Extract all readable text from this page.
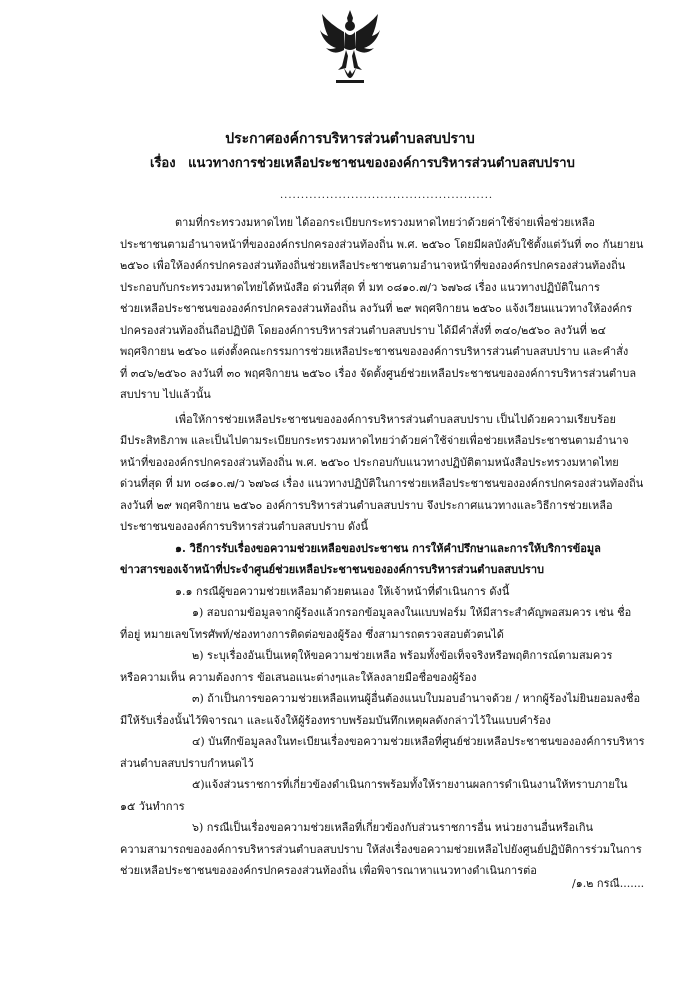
ประกาศองค์การบริหารส่วนตำบลสบปราบ
เรื่อง แนวทางการช่วยเหลือประชาชนขององค์การบริหารส่วนตำบลสบปราบ
...................................................

ตามที่กระทรวงมหาดไทย ได้ออกระเบียบกระทรวงมหาดไทยว่าด้วยค่าใช้จ่ายเพื่อช่วยเหลือ

ประชาชนตามอำนาจหน้าที่ขององค์กรปกครองส่วนท้องถิ่น พ.ศ. ๒๕๖๐ โดยมีผลบังคับใช้ตั้งแต่วันที่ ๓๐ กันยายน

๒๕๖๐ เพื่อให้องค์กรปกครองส่วนท้องถิ่นช่วยเหลือประชาชนตามอำนาจหน้าที่ขององค์กรปกครองส่วนท้องถิ่น

ประกอบกับกระทรวงมหาดไทยได้หนังสือ ด่วนที่สุด ที่ มท ๐๘๑๐.๗/ว ๖๗๖๘ เรื่อง แนวทางปฏิบัติในการ

ช่วยเหลือประชาชนขององค์กรปกครองส่วนท้องถิ่น ลงวันที่ ๒๙ พฤศจิกายน ๒๕๖๐ แจ้งเวียนแนวทางให้องค์กร

ปกครองส่วนท้องถิ่นถือปฏิบัติ โดยองค์การบริหารส่วนตำบลสบปราบ ได้มีคำสั่งที่ ๓๔๐/๒๕๖๐ ลงวันที่ ๒๔

พฤศจิกายน ๒๕๖๐ แต่งตั้งคณะกรรมการช่วยเหลือประชาชนขององค์การบริหารส่วนตำบลสบปราบ และคำสั่ง

ที่ ๓๔๖/๒๕๖๐ ลงวันที่ ๓๐ พฤศจิกายน ๒๕๖๐ เรื่อง จัดตั้งศูนย์ช่วยเหลือประชาชนขององค์การบริหารส่วนตำบล

สบปราบ ไปแล้วนั้น

เพื่อให้การช่วยเหลือประชาชนขององค์การบริหารส่วนตำบลสบปราบ เป็นไปด้วยความเรียบร้อย

มีประสิทธิภาพ และเป็นไปตามระเบียบกระทรวงมหาดไทยว่าด้วยค่าใช้จ่ายเพื่อช่วยเหลือประชาชนตามอำนาจ

หน้าที่ขององค์กรปกครองส่วนท้องถิ่น พ.ศ. ๒๕๖๐ ประกอบกับแนวทางปฏิบัติตามหนังสือประทรวงมหาดไทย

ด่วนที่สุด ที่ มท ๐๘๑๐.๗/ว ๖๗๖๘ เรื่อง แนวทางปฏิบัติในการช่วยเหลือประชาชนขององค์กรปกครองส่วนท้องถิ่น

ลงวันที่ ๒๙ พฤศจิกายน ๒๕๖๐ องค์การบริหารส่วนตำบลสบปราบ จึงประกาศแนวทางและวิธีการช่วยเหลือ

ประชาชนขององค์การบริหารส่วนตำบลสบปราบ ดังนี้

๑. วิธีการรับเรื่องขอความช่วยเหลือของประชาชน การให้คำปรึกษาและการให้บริการข้อมูล

ข่าวสารของเจ้าหน้าที่ประจำศูนย์ช่วยเหลือประชาชนขององค์การบริหารส่วนตำบลสบปราบ

๑.๑ กรณีผู้ขอความช่วยเหลือมาด้วยตนเอง ให้เจ้าหน้าที่ดำเนินการ ดังนี้

๑) สอบถามข้อมูลจากผู้ร้องแล้วกรอกข้อมูลลงในแบบฟอร์ม ให้มีสาระสำคัญพอสมควร เช่น ชื่อ

ที่อยู่ หมายเลขโทรศัพท์/ช่องทางการติดต่อของผู้ร้อง ซึ่งสามารถตรวจสอบตัวตนได้

๒) ระบุเรื่องอันเป็นเหตุให้ขอความช่วยเหลือ พร้อมทั้งข้อเท็จจริงหรือพฤติการณ์ตามสมควร

หรือความเห็น ความต้องการ ข้อเสนอแนะต่างๆและให้ลงลายมือชื่อของผู้ร้อง

๓) ถ้าเป็นการขอความช่วยเหลือแทนผู้อื่นต้องแนบใบมอบอำนาจด้วย / หากผู้ร้องไม่ยินยอมลงชื่อ

มีให้รับเรื่องนั้นไว้พิจารณา และแจ้งให้ผู้ร้องทราบพร้อมบันทึกเหตุผลดังกล่าวไว้ในแบบคำร้อง

๔) บันทึกข้อมูลลงในทะเบียนเรื่องขอความช่วยเหลือที่ศูนย์ช่วยเหลือประชาชนขององค์การบริหาร

ส่วนตำบลสบปราบกำหนดไว้

๕)แจ้งส่วนราชการที่เกี่ยวข้องดำเนินการพร้อมทั้งให้รายงานผลการดำเนินงานให้ทราบภายใน

๑๕ วันทำการ

๖) กรณีเป็นเรื่องขอความช่วยเหลือที่เกี่ยวข้องกับส่วนราชการอื่น หน่วยงานอื่นหรือเกิน

ความสามารถขององค์การบริหารส่วนตำบลสบปราบ ให้ส่งเรื่องขอความช่วยเหลือไปยังศูนย์ปฏิบัติการร่วมในการ

ช่วยเหลือประชาชนขององค์กรปกครองส่วนท้องถิ่น เพื่อพิจารณาหาแนวทางดำเนินการต่อ

/๑.๒ กรณี.......
